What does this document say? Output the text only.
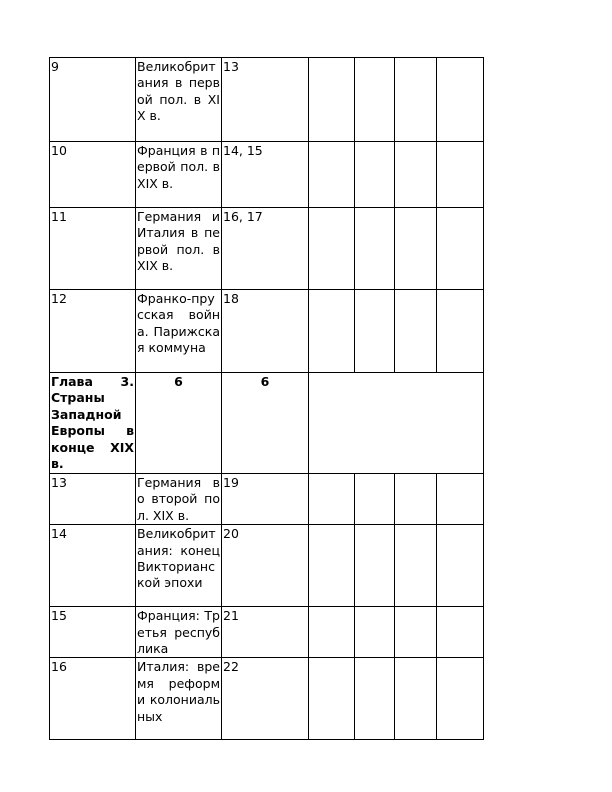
9	Великобритания в первой пол. в XIX в.	13				
10	Франция в первой пол. в XIX в.	14, 15				
11	Германия и Италия в первой пол. в XIX в.	16, 17				
12	Франко-прусская война. Парижская коммуна	18				
Глава 3. Страны Западной Европы в конце XIX в.	6	6				
13	Германия во второй пол. XIX в.	19				
14	Великобритания: конец Викторианской эпохи	20				
15	Франция: Третья республика	21				
16	Италия: время реформ и колониальных	22				
